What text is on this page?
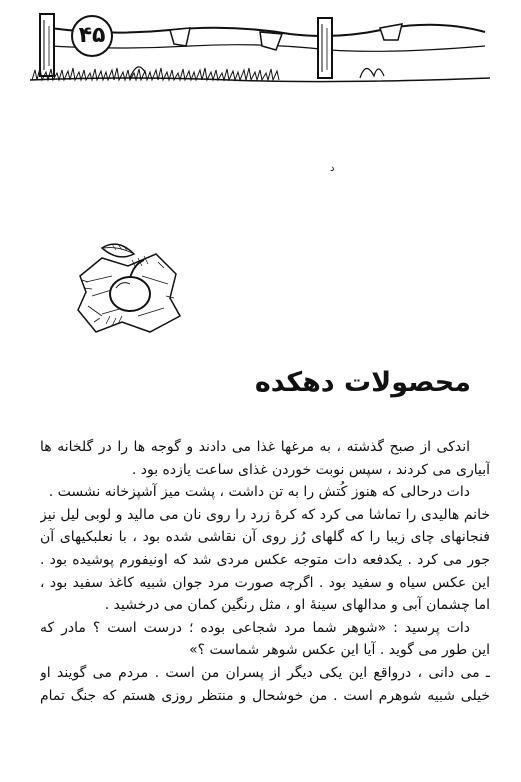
۴۵
د
محصولات دهکده
اندکی از صبح گذشته ، به مرغها غذا می دادند و گوجه ها را در گلخانه ها
آبیاری می کردند ، سپس نوبت خوردن غذای ساعت یازده بود .
دات درحالی که هنوز کُتش را به تن داشت ، پشت میز آشپزخانه نشست .
خانم هالیدی را تماشا می کرد که کرهٔ زرد را روی نان می مالید و لوبی لیل نیز
فنجانهای چای زیبا را که گلهای رُز روی آن نقاشی شده بود ، با نعلبکیهای آن
جور می کرد . یکدفعه دات متوجه عکس مردی شد که اونیفورم پوشیده بود .
این عکس سیاه و سفید بود . اگرچه صورت مرد جوان شبیه کاغذ سفید بود ،
اما چشمان آبی و مدالهای سینهٔ او ، مثل رنگین کمان می درخشید .
دات پرسید : «شوهر شما مرد شجاعی بوده ؛ درست است ؟ مادر که
این طور می گوید . آیا این عکس شوهر شماست ؟»
ـ می دانی ، درواقع این یکی دیگر از پسران من است . مردم می گویند او
خیلی شبیه شوهرم است . من خوشحال و منتظر روزی هستم که جنگ تمام
